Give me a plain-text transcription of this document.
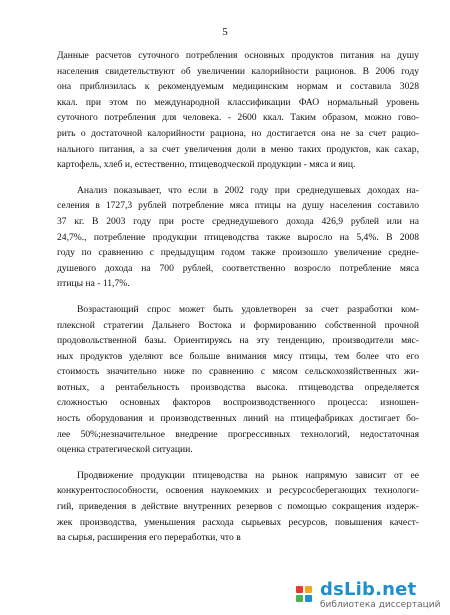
5
Данные расчетов суточного потребления основных продуктов питания на душу
населения свидетельствуют об увеличении калорийности рационов. В 2006 году
она приблизилась к рекомендуемым медицинским нормам и составила 3028
ккал. при этом по международной классификации ФАО нормальный уровень
суточного потребления для человека. - 2600 ккал. Таким образом, можно гово-
рить о достаточной калорийности рациона, но достигается она не за счет рацио-
нального питания, а за счет увеличения доли в меню таких продуктов, как сахар,
картофель, хлеб и, естественно, птицеводческой продукции - мяса и яиц.
Анализ показывает, что если в 2002 году при среднедушевых доходах на-
селения в 1727,3 рублей потребление мяса птицы на душу населения составило
37 кг. В 2003 году при росте среднедушевого дохода 426,9 рублей или на
24,7%., потребление продукции птицеводства также выросло на 5,4%. В 2008
году по сравнению с предыдущим годом также произошло увеличение средне-
душевого дохода на 700 рублей, соответственно возросло потребление мяса
птицы на - 11,7%.
Возрастающий спрос может быть удовлетворен за счет разработки ком-
плексной стратегии Дальнего Востока и формированию собственной прочной
продовольственной базы. Ориентируясь на эту тенденцию, производители мяс-
ных продуктов уделяют все больше внимания мясу птицы, тем более что его
стоимость значительно ниже по сравнению с мясом сельскохозяйственных жи-
вотных, а рентабельность производства высока. птицеводства определяется
сложностью основных факторов воспроизводственного процесса: изношен-
ность оборудования и производственных линий на птицефабриках достигает бо-
лее 50%;незначительное внедрение прогрессивных технологий, недостаточная
оценка стратегической ситуации.
Продвижение продукции птицеводства на рынок напрямую зависит от ее
конкурентоспособности, освоения наукоемких и ресурсосберегающих технологи-
гий, приведения в действие внутренних резервов с помощью сокращения издерж-
жек производства, уменьшения расхода сырьевых ресурсов, повышения качест-
ва сырья, расширения его переработки, что в
dsLib.net
библиотека диссертаций
